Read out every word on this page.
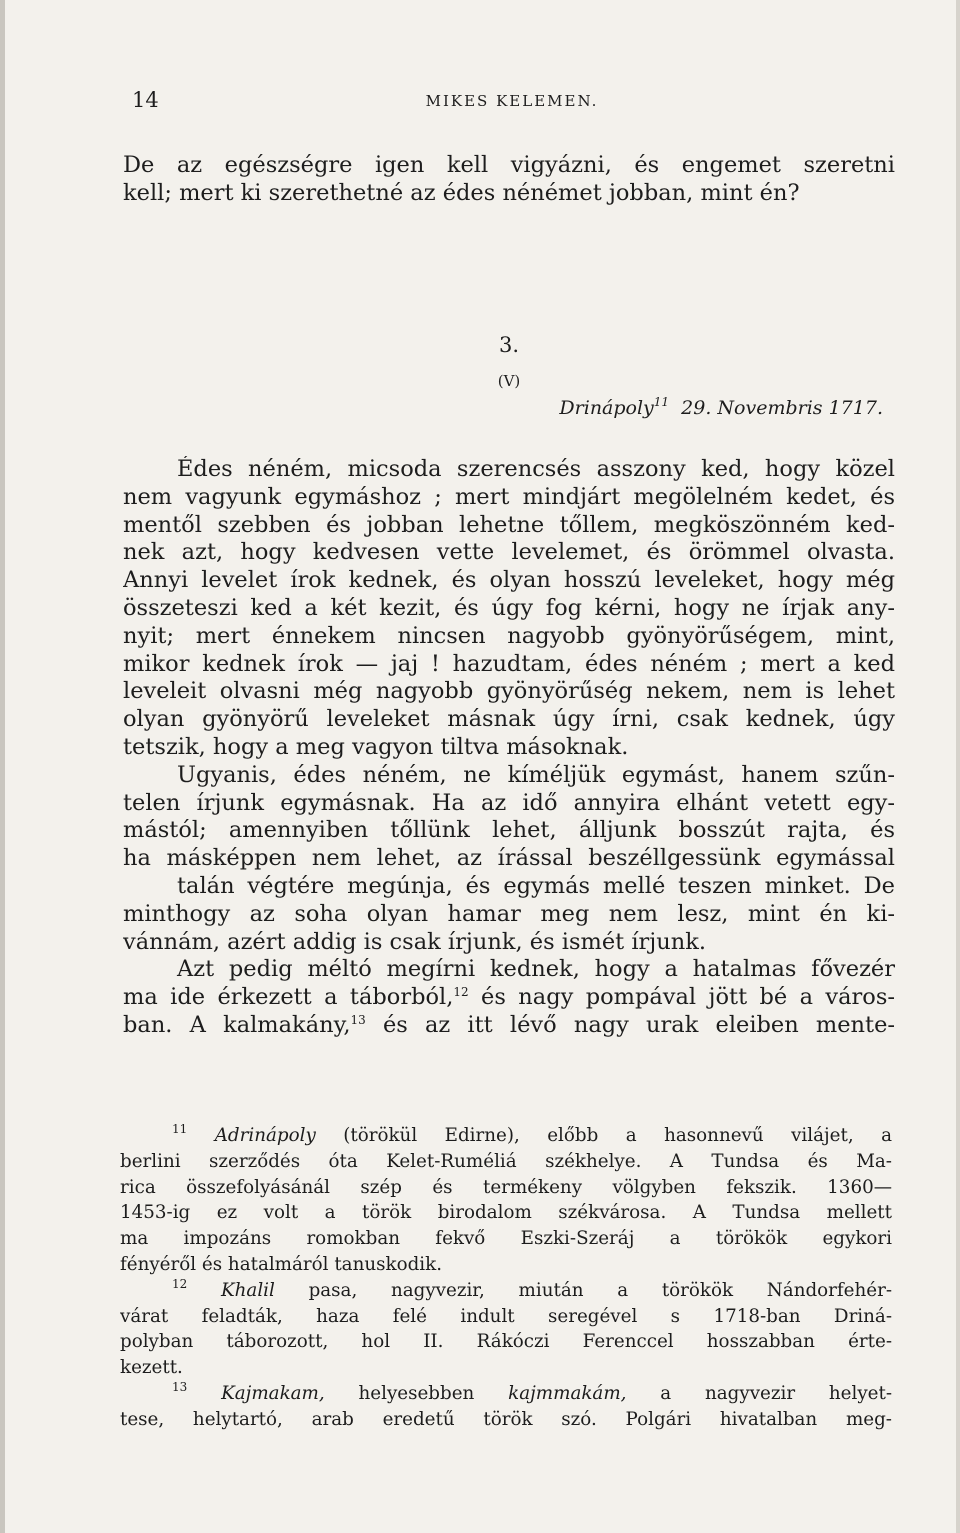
14	MIKES KELEMEN.
De az egészségre igen kell vigyázni, és engemet szeretni
kell; mert ki szerethetné az édes nénémet jobban, mint én?
3.
(V)
Drinápoly$^{11}$ 29. Novembris 1717.
Édes néném, micsoda szerencsés asszony ked, hogy közel
nem vagyunk egymáshoz ; mert mindjárt megölelném kedet, és
mentől szebben és jobban lehetne tőllem, megköszönném ked-
nek azt, hogy kedvesen vette levelemet, és örömmel olvasta.
Annyi levelet írok kednek, és olyan hosszú leveleket, hogy még
összeteszi ked a két kezit, és úgy fog kérni, hogy ne írjak any-
nyit; mert énnekem nincsen nagyobb gyönyörűségem, mint,
mikor kednek írok — jaj ! hazudtam, édes néném ; mert a ked
leveleit olvasni még nagyobb gyönyörűség nekem, nem is lehet
olyan gyönyörű leveleket másnak úgy írni, csak kednek, úgy
tetszik, hogy a meg vagyon tiltva másoknak.
Ugyanis, édes néném, ne kíméljük egymást, hanem szűn-
telen írjunk egymásnak. Ha az idő annyira elhánt vetett egy-
mástól; amennyiben tőllünk lehet, álljunk bosszút rajta, és
ha másképpen nem lehet, az írással beszéllgessünk egymással
talán végtére megúnja, és egymás mellé teszen minket. De
minthogy az soha olyan hamar meg nem lesz, mint én ki-
vánnám, azért addig is csak írjunk, és ismét írjunk.
Azt pedig méltó megírni kednek, hogy a hatalmas fővezér
ma ide érkezett a táborból,$^{12}$ és nagy pompával jött bé a város-
ban. A kalmakány,$^{13}$ és az itt lévő nagy urak eleiben mente-
$^{11}$ Adrinápoly (törökül Edirne), előbb a hasonnevű vilájet, a
berlini szerződés óta Kelet-Ruméliá székhelye. A Tundsa és Ma-
rica összefolyásánál szép és termékeny völgyben fekszik. 1360—
1453-ig ez volt a török birodalom székvárosa. A Tundsa mellett
ma impozáns romokban fekvő Eszki-Szeráj a törökök egykori
fényéről és hatalmáról tanuskodik.
$^{12}$ Khalil pasa, nagyvezir, miután a törökök Nándorfehér-
várat feladták, haza felé indult seregével s 1718-ban Driná-
polyban táborozott, hol II. Rákóczi Ferenccel hosszabban érte-
kezett.
$^{13}$ Kajmakam, helyesebben kajmmakám, a nagyvezir helyet-
tese, helytartó, arab eredetű török szó. Polgári hivatalban meg-
